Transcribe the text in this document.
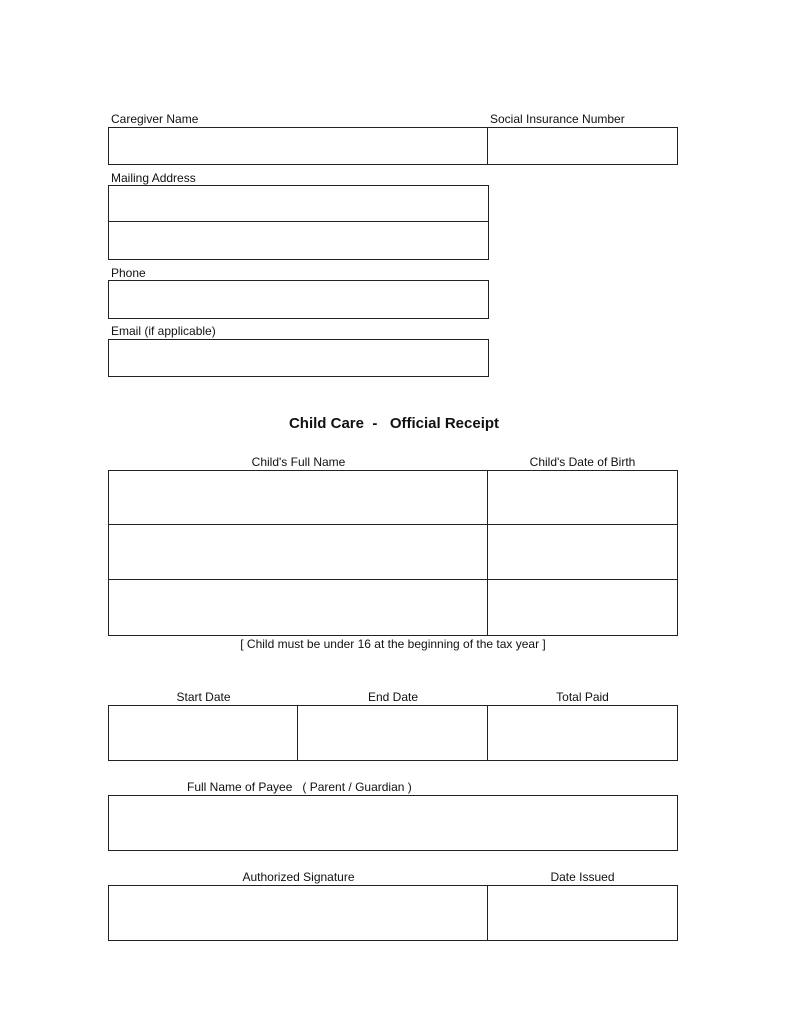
Caregiver Name	Social Insurance Number
Mailing Address
Phone
Email (if applicable)
Child Care  -   Official Receipt
Child's Full Name	Child's Date of Birth
[ Child must be under 16 at the beginning of the tax year ]
Start Date	End Date	Total Paid
Full Name of Payee   ( Parent / Guardian )
Authorized Signature	Date Issued
